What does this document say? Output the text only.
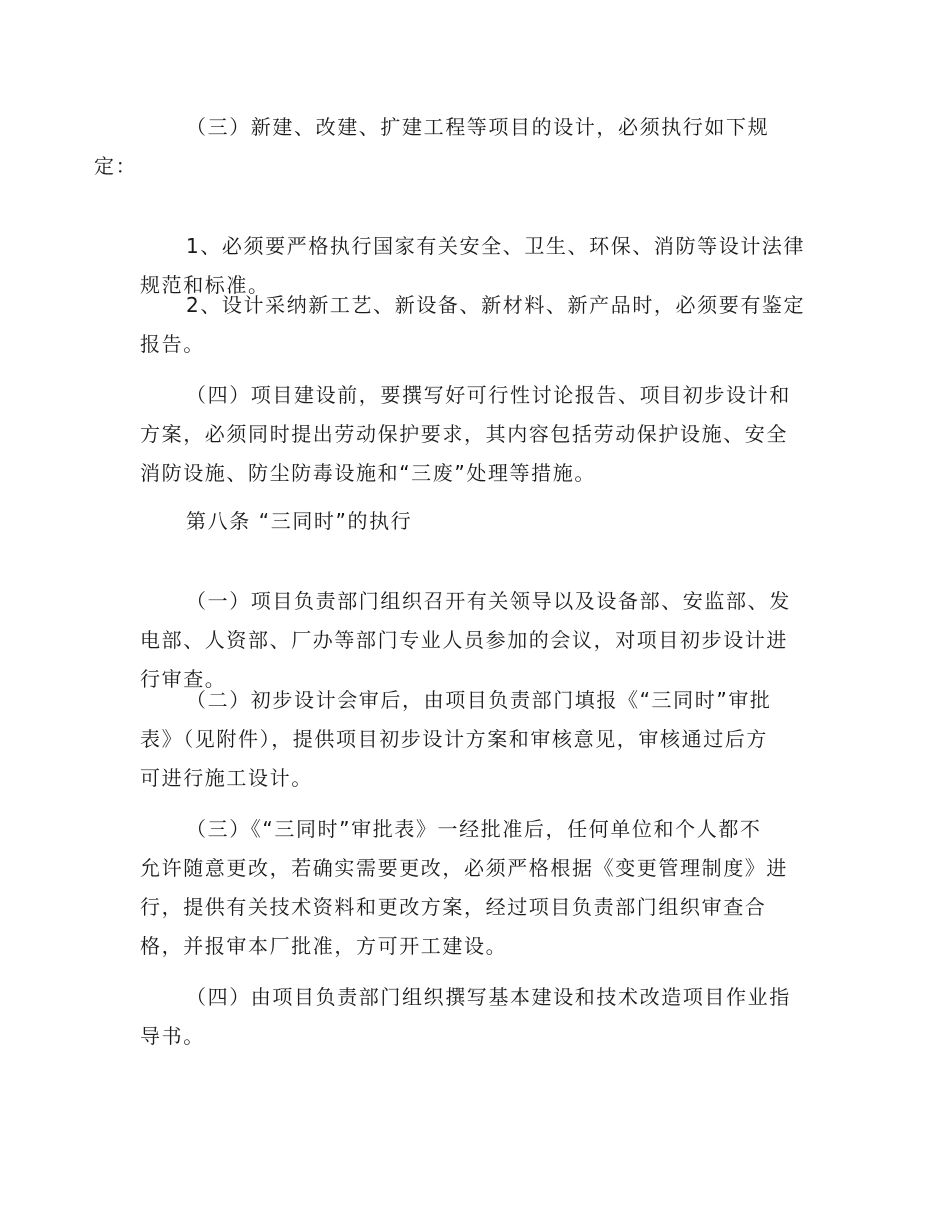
（三）新建、改建、扩建工程等项目的设计，必须执行如下规
定：

1、必须要严格执行国家有关安全、卫生、环保、消防等设计法律
规范和标准。

2、设计采纳新工艺、新设备、新材料、新产品时，必须要有鉴定
报告。

（四）项目建设前，要撰写好可行性讨论报告、项目初步设计和
方案，必须同时提出劳动保护要求，其内容包括劳动保护设施、安全
消防设施、防尘防毒设施和“三废”处理等措施。

第八条 “三同时”的执行

（一）项目负责部门组织召开有关领导以及设备部、安监部、发
电部、人资部、厂办等部门专业人员参加的会议，对项目初步设计进
行审查。

（二）初步设计会审后，由项目负责部门填报《“三同时”审批
表》（见附件），提供项目初步设计方案和审核意见，审核通过后方
可进行施工设计。

（三）《“三同时”审批表》一经批准后，任何单位和个人都不
允许随意更改，若确实需要更改，必须严格根据《变更管理制度》进
行，提供有关技术资料和更改方案，经过项目负责部门组织审查合
格，并报审本厂批准，方可开工建设。

（四）由项目负责部门组织撰写基本建设和技术改造项目作业指
导书。
